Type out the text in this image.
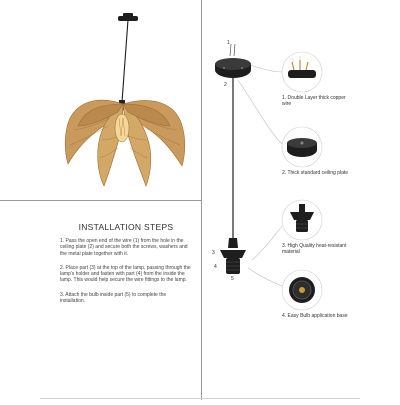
INSTALLATION STEPS

1. Pass the open end of the wire (1) from the hole in the ceiling plate (2) and secure both the screws, washers and the metal plate together with it.

2. Place part (3) at the top of the lamp, passing through the lamp's holder and fasten with part (4) from the inside the lamp. This would help secure the wire fittings to the lamp.

3. Attach the bulb inside part (5) to complete the installation.

1
2
3
4
5
1. Double Layer thick copper wire
2. Thick standard ceiling plate
3. High Quality heat-resistant material
4. Easy Bulb application base
